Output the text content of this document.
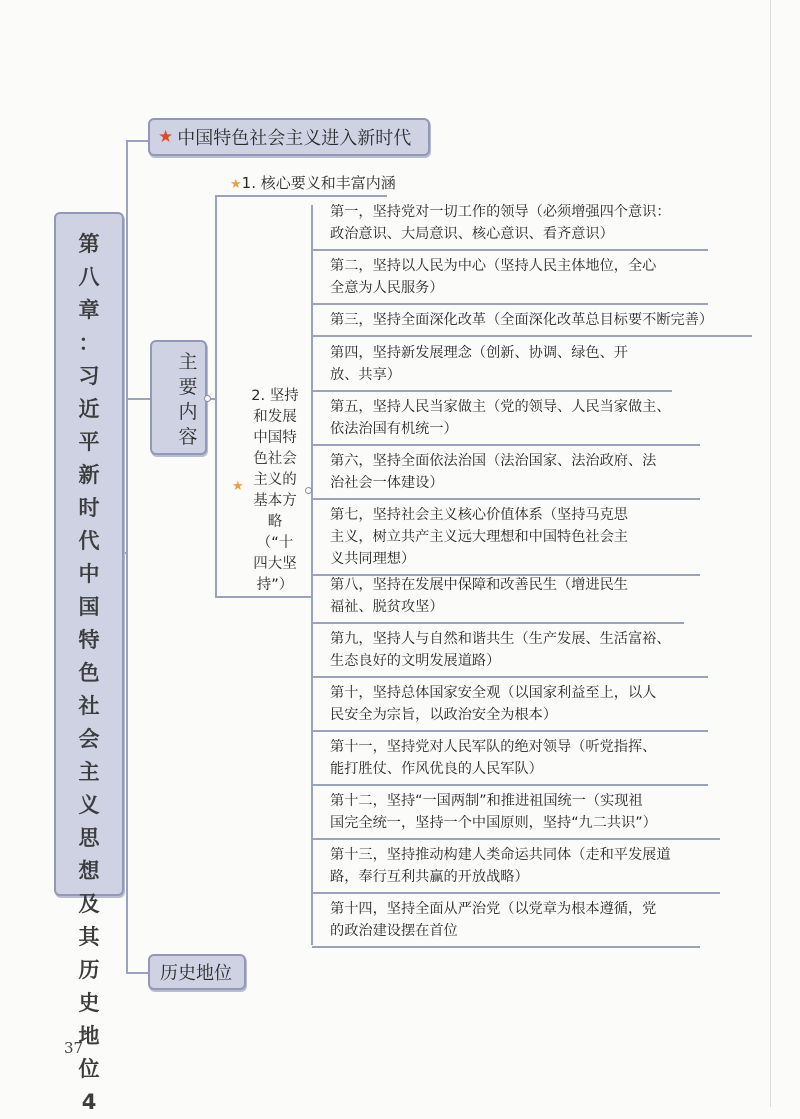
第
八
章
：
习
近
平
新
时
代
中
国
特
色
社
会
主
义
思
想
及
其
历
史
地
位
4
★ 中国特色社会主义进入新时代
主
要
内
容
历史地位
★1. 核心要义和丰富内涵
★
2. 坚持
和发展
中国特
色社会
主义的
基本方
略
（“十
四大坚
持”）
第一，坚持党对一切工作的领导（必须增强四个意识：
政治意识、大局意识、核心意识、看齐意识）
第二，坚持以人民为中心（坚持人民主体地位，全心
全意为人民服务）
第三，坚持全面深化改革（全面深化改革总目标要不断完善）
第四，坚持新发展理念（创新、协调、绿色、开
放、共享）
第五，坚持人民当家做主（党的领导、人民当家做主、
依法治国有机统一）
第六，坚持全面依法治国（法治国家、法治政府、法
治社会一体建设）
第七，坚持社会主义核心价值体系（坚持马克思
主义，树立共产主义远大理想和中国特色社会主
义共同理想）
第八，坚持在发展中保障和改善民生（增进民生
福祉、脱贫攻坚）
第九，坚持人与自然和谐共生（生产发展、生活富裕、
生态良好的文明发展道路）
第十，坚持总体国家安全观（以国家利益至上，以人
民安全为宗旨，以政治安全为根本）
第十一，坚持党对人民军队的绝对领导（听党指挥、
能打胜仗、作风优良的人民军队）
第十二，坚持“一国两制”和推进祖国统一（实现祖
国完全统一，坚持一个中国原则，坚持“九二共识”）
第十三，坚持推动构建人类命运共同体（走和平发展道
路，奉行互利共赢的开放战略）
第十四，坚持全面从严治党（以党章为根本遵循，党
的政治建设摆在首位
37
